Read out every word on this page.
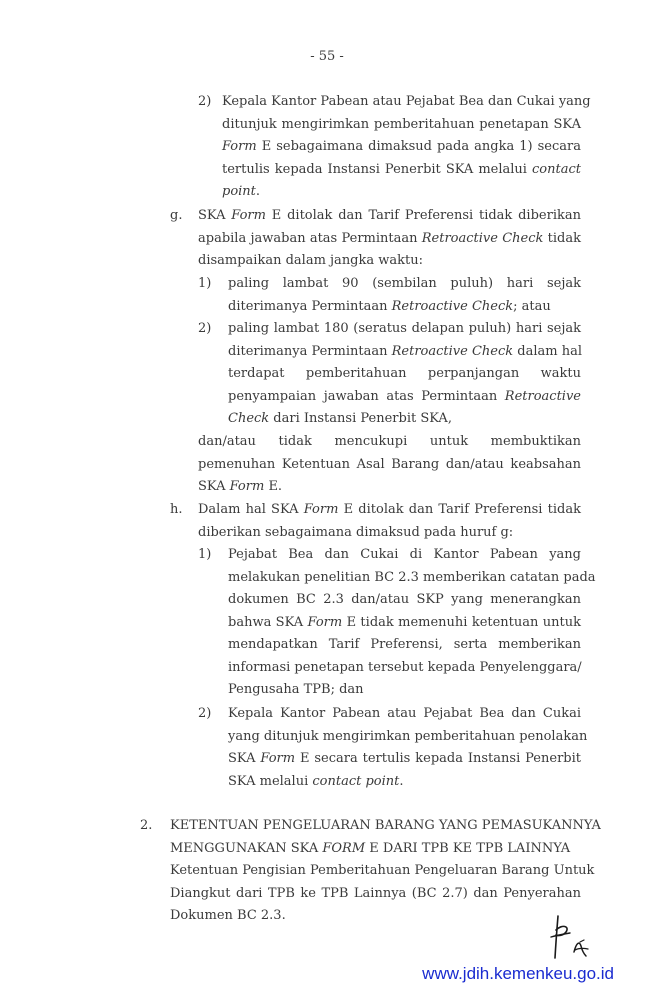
- 55 -
2) Kepala Kantor Pabean atau Pejabat Bea dan Cukai yang
ditunjuk mengirimkan pemberitahuan penetapan SKA
Form E sebagaimana dimaksud pada angka 1) secara
tertulis kepada Instansi Penerbit SKA melalui contact
point.
g. SKA Form E ditolak dan Tarif Preferensi tidak diberikan
apabila jawaban atas Permintaan Retroactive Check tidak
disampaikan dalam jangka waktu:
1) paling lambat 90 (sembilan puluh) hari sejak
diterimanya Permintaan Retroactive Check; atau
2) paling lambat 180 (seratus delapan puluh) hari sejak
diterimanya Permintaan Retroactive Check dalam hal
terdapat pemberitahuan perpanjangan waktu
penyampaian jawaban atas Permintaan Retroactive
Check dari Instansi Penerbit SKA,
dan/atau tidak mencukupi untuk membuktikan
pemenuhan Ketentuan Asal Barang dan/atau keabsahan
SKA Form E.
h. Dalam hal SKA Form E ditolak dan Tarif Preferensi tidak
diberikan sebagaimana dimaksud pada huruf g:
1) Pejabat Bea dan Cukai di Kantor Pabean yang
melakukan penelitian BC 2.3 memberikan catatan pada
dokumen BC 2.3 dan/atau SKP yang menerangkan
bahwa SKA Form E tidak memenuhi ketentuan untuk
mendapatkan Tarif Preferensi, serta memberikan
informasi penetapan tersebut kepada Penyelenggara/
Pengusaha TPB; dan
2) Kepala Kantor Pabean atau Pejabat Bea dan Cukai
yang ditunjuk mengirimkan pemberitahuan penolakan
SKA Form E secara tertulis kepada Instansi Penerbit
SKA melalui contact point.
2. KETENTUAN PENGELUARAN BARANG YANG PEMASUKANNYA
MENGGUNAKAN SKA FORM E DARI TPB KE TPB LAINNYA
Ketentuan Pengisian Pemberitahuan Pengeluaran Barang Untuk
Diangkut dari TPB ke TPB Lainnya (BC 2.7) dan Penyerahan
Dokumen BC 2.3.
www.jdih.kemenkeu.go.id
